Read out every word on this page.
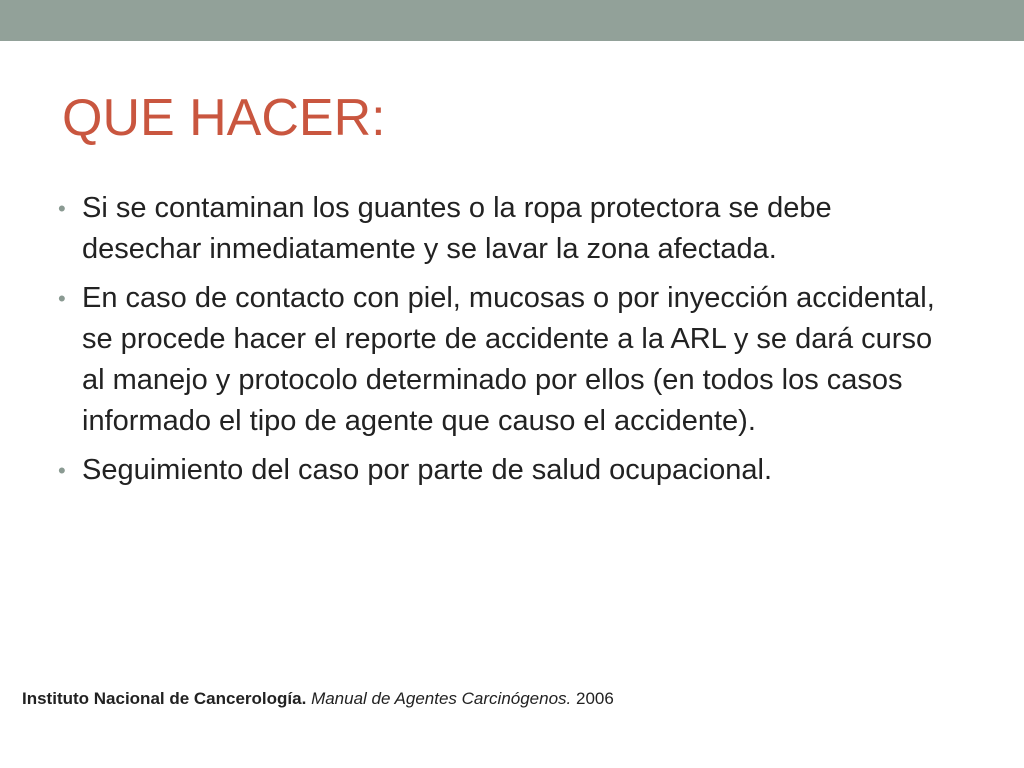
QUE HACER:
• Si se contaminan los guantes o la ropa protectora se debe desechar inmediatamente y se lavar la zona afectada.
• En caso de contacto con piel, mucosas o por inyección accidental, se procede hacer el reporte de accidente a la ARL y se dará curso al manejo y protocolo determinado por ellos (en todos los casos informado el tipo de agente que causo el accidente).
• Seguimiento del caso por parte de salud ocupacional.
Instituto Nacional de Cancerología. Manual de Agentes Carcinógenos. 2006
